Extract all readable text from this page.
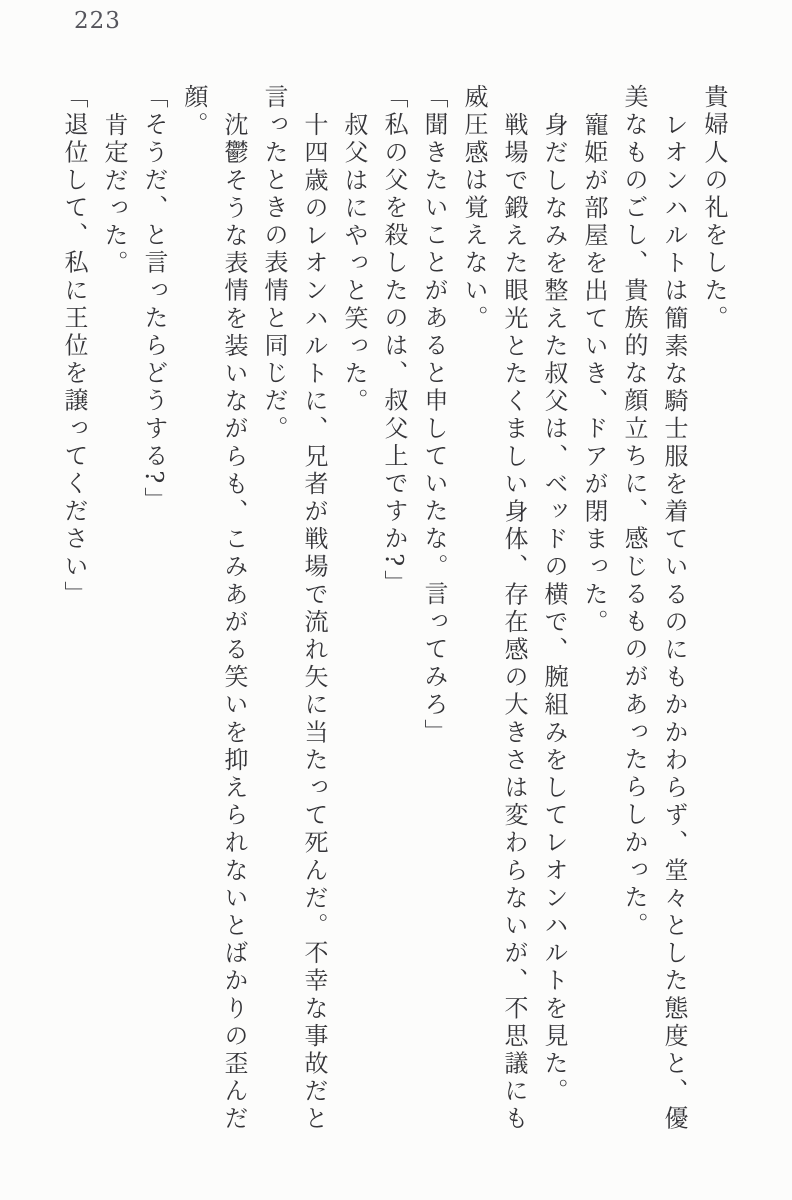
223

貴婦人の礼をした。

レオンハルトは簡素な騎士服を着ているのにもかかわらず、堂々とした態度と、優

美なものごし、貴族的な顔立ちに、感じるものがあったらしかった。

寵姫が部屋を出ていき、ドアが閉まった。

身だしなみを整えた叔父は、ベッドの横で、腕組みをしてレオンハルトを見た。

戦場で鍛えた眼光とたくましい身体、存在感の大きさは変わらないが、不思議にも

威圧感は覚えない。

「聞きたいことがあると申していたな。言ってみろ」

「私の父を殺したのは、叔父上ですか?」

叔父はにやっと笑った。

十四歳のレオンハルトに、兄者が戦場で流れ矢に当たって死んだ。不幸な事故だと

言ったときの表情と同じだ。

沈鬱そうな表情を装いながらも、こみあがる笑いを抑えられないとばかりの歪んだ

顔。

「そうだ、と言ったらどうする?」

肯定だった。

「退位して、私に王位を譲ってください」
